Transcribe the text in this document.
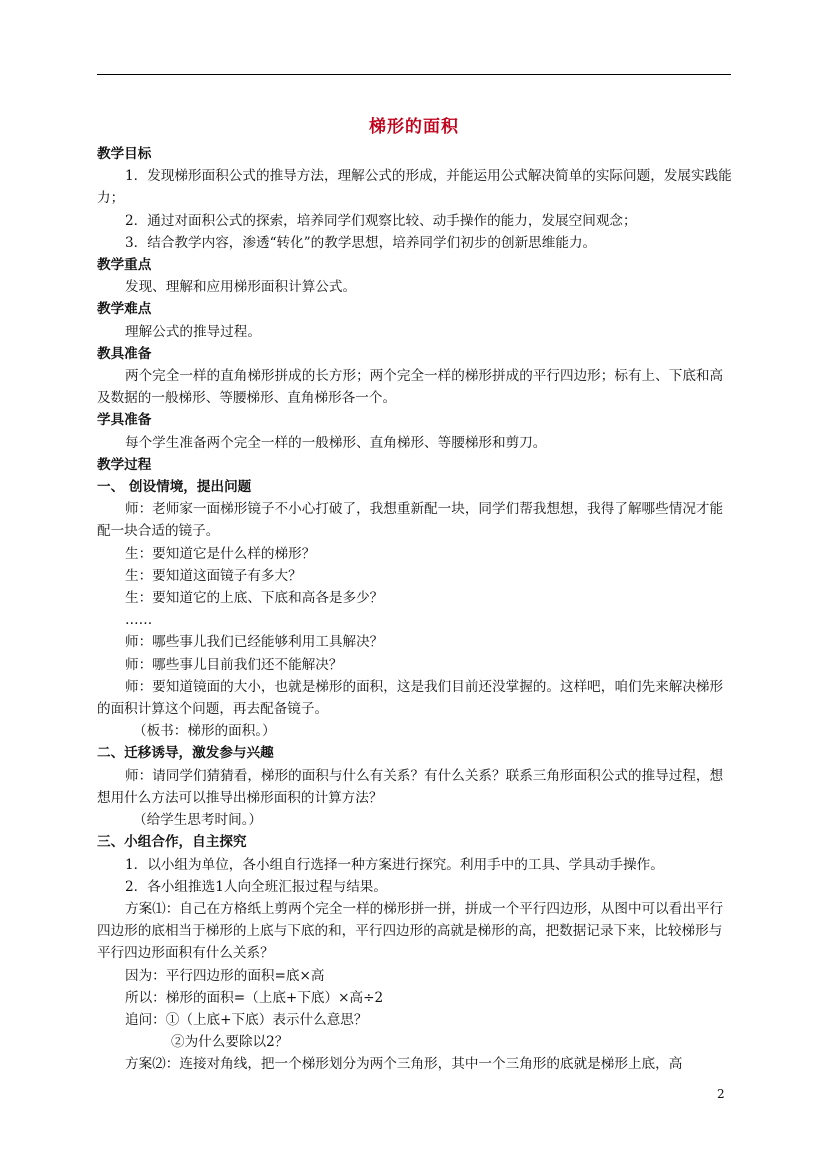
梯形的面积

教学目标

1．发现梯形面积公式的推导方法，理解公式的形成，并能运用公式解决简单的实际问题，发展实践能力；

2．通过对面积公式的探索，培养同学们观察比较、动手操作的能力，发展空间观念；

3．结合教学内容，渗透“转化”的教学思想，培养同学们初步的创新思维能力。

教学重点

发现、理解和应用梯形面积计算公式。

教学难点

理解公式的推导过程。

教具准备

两个完全一样的直角梯形拼成的长方形；两个完全一样的梯形拼成的平行四边形；标有上、下底和高及数据的一般梯形、等腰梯形、直角梯形各一个。

学具准备

每个学生准备两个完全一样的一般梯形、直角梯形、等腰梯形和剪刀。

教学过程

一、 创设情境，提出问题

师：老师家一面梯形镜子不小心打破了，我想重新配一块，同学们帮我想想，我得了解哪些情况才能配一块合适的镜子。

生：要知道它是什么样的梯形？

生：要知道这面镜子有多大？

生：要知道它的上底、下底和高各是多少？

……

师：哪些事儿我们已经能够利用工具解决？

师：哪些事儿目前我们还不能解决？

师：要知道镜面的大小，也就是梯形的面积，这是我们目前还没掌握的。这样吧，咱们先来解决梯形的面积计算这个问题，再去配备镜子。

（板书：梯形的面积。）

二、迁移诱导，激发参与兴趣

师：请同学们猜猜看，梯形的面积与什么有关系？有什么关系？联系三角形面积公式的推导过程，想想用什么方法可以推导出梯形面积的计算方法？

（给学生思考时间。）

三、小组合作，自主探究

1．以小组为单位，各小组自行选择一种方案进行探究。利用手中的工具、学具动手操作。

2．各小组推选1人向全班汇报过程与结果。

方案⑴：自己在方格纸上剪两个完全一样的梯形拼一拼，拼成一个平行四边形，从图中可以看出平行四边形的底相当于梯形的上底与下底的和，平行四边形的高就是梯形的高，把数据记录下来，比较梯形与平行四边形面积有什么关系？

因为：平行四边形的面积=底×高

所以：梯形的面积=（上底+下底）×高÷2

追问：①（上底+下底）表示什么意思？

②为什么要除以2？

方案⑵：连接对角线，把一个梯形划分为两个三角形，其中一个三角形的底就是梯形上底，高

2
